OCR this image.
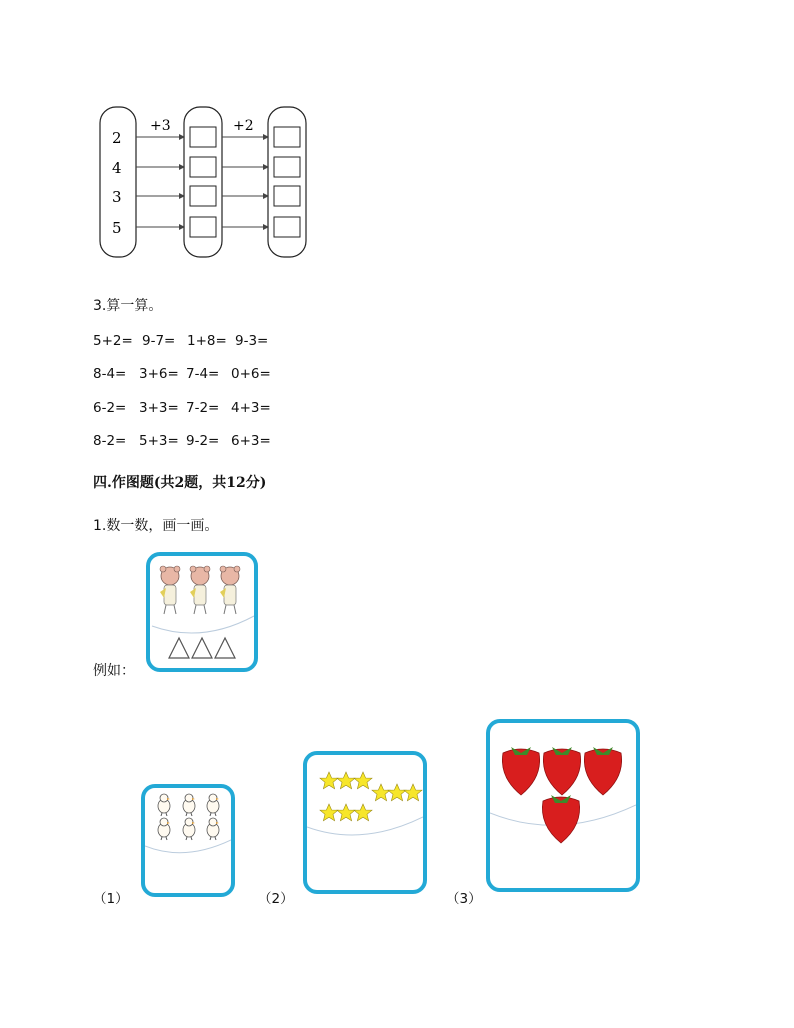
2
4
3
5
+3	+2
3.算一算。
5+2= 9-7= 1+8= 9-3=
8-4= 3+6= 7-4= 0+6=
6-2= 3+3= 7-2= 4+3=
8-2= 5+3= 9-2= 6+3=
四.作图题(共2题，共12分)
1.数一数，画一画。
例如：
（1）	（2）	（3）
